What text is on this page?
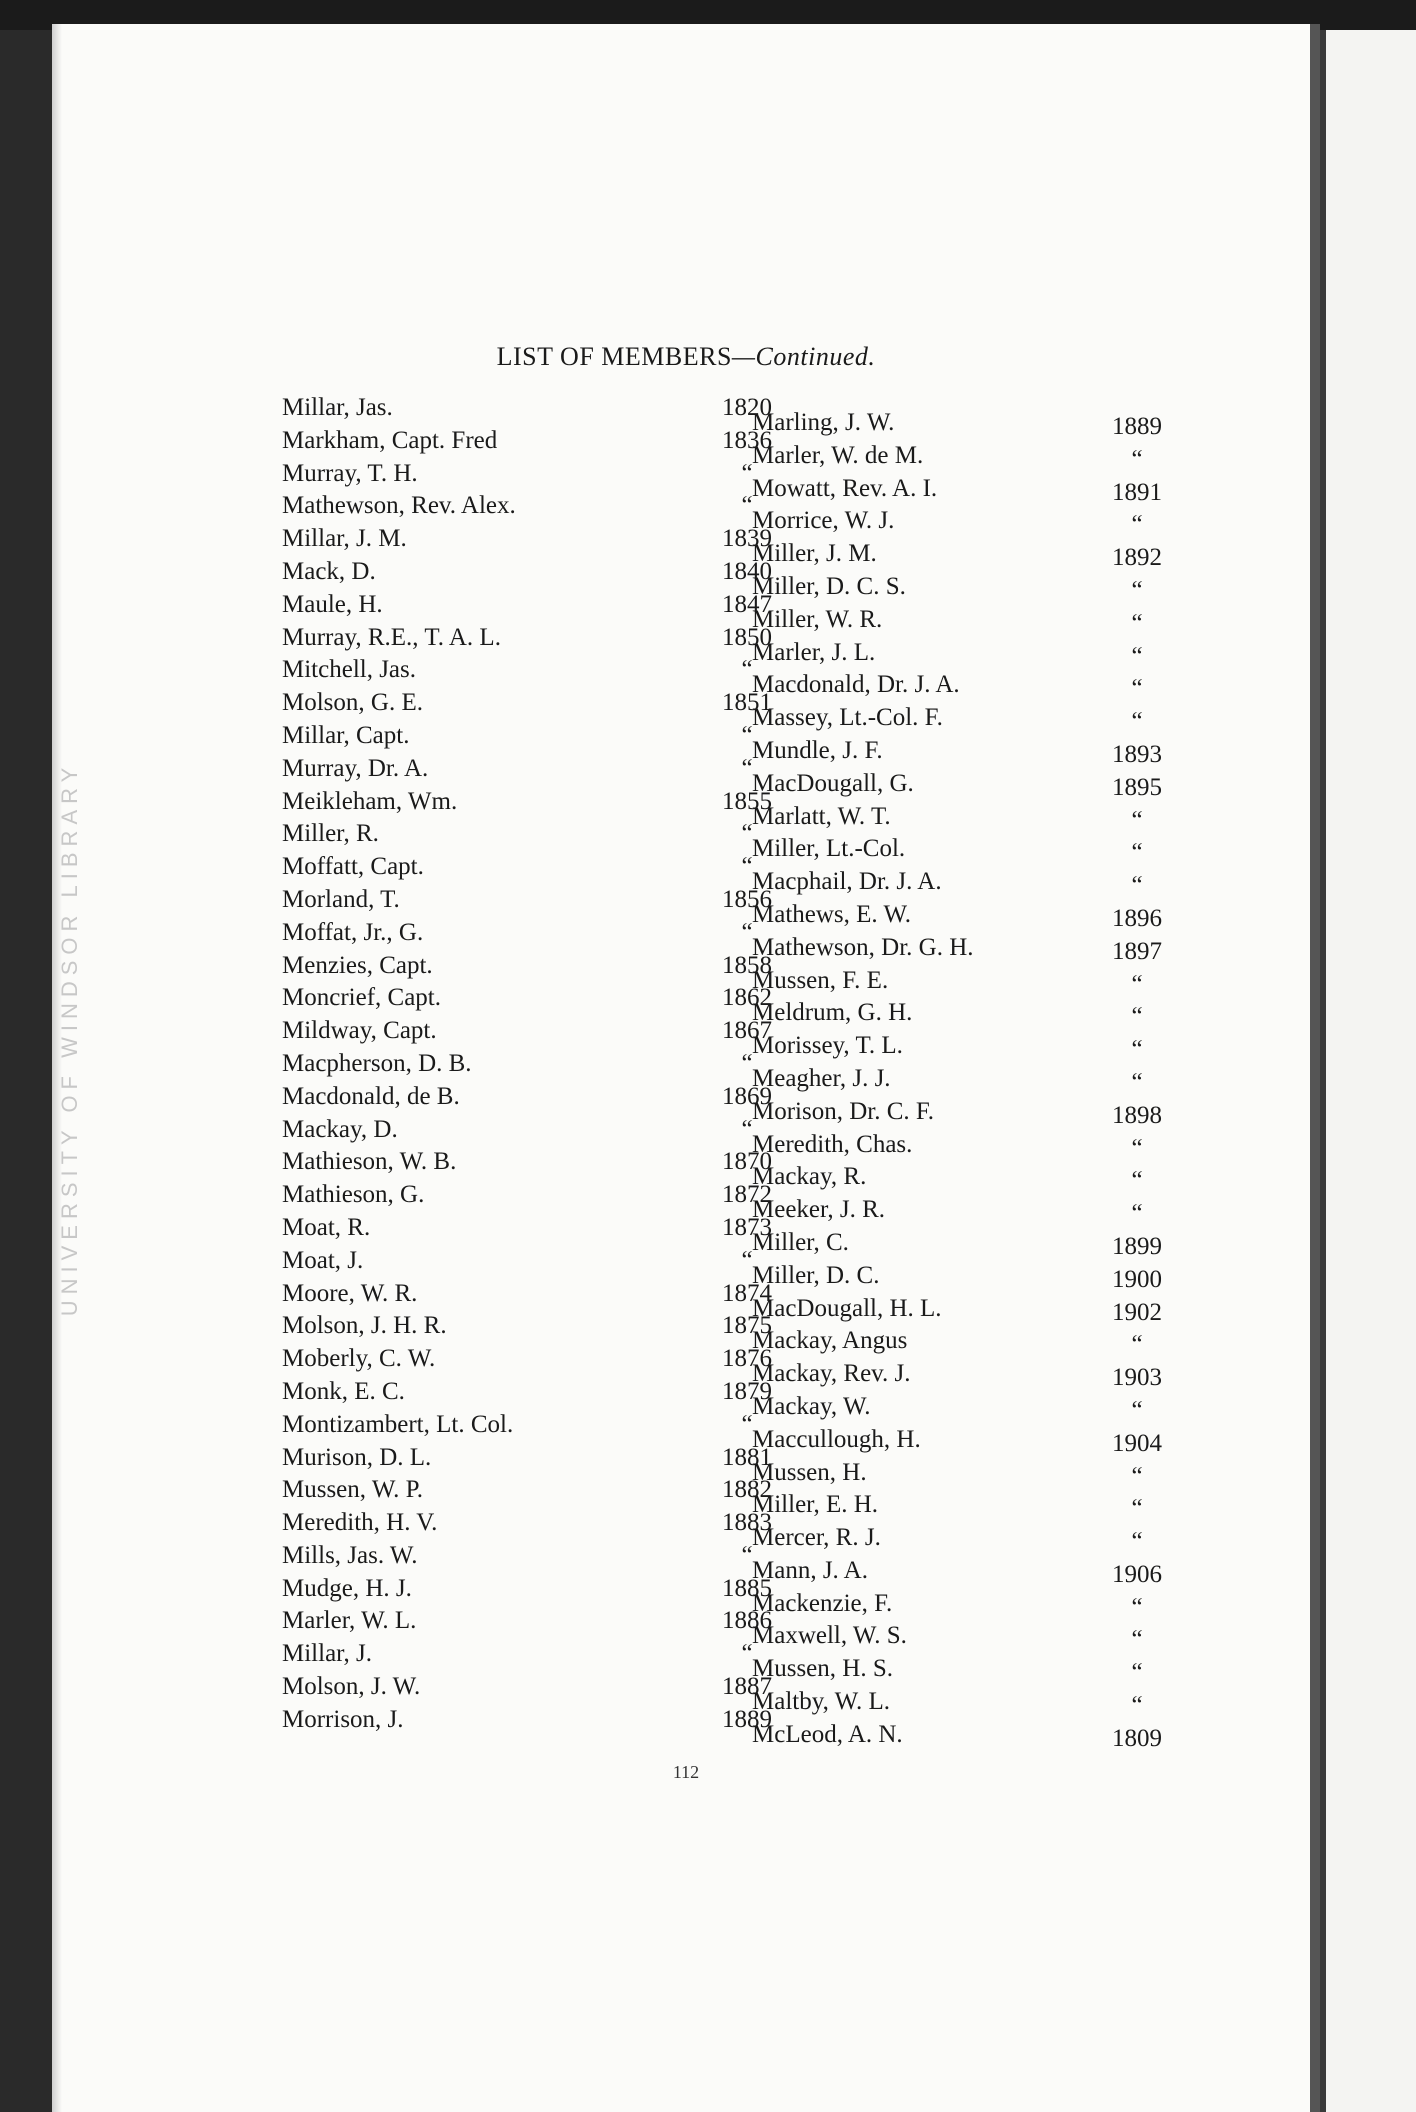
UNIVERSITY OF WINDSOR LIBRARY
LIST OF MEMBERS—Continued.
Millar, Jas.	1820
Markham, Capt. Fred	1836
Murray, T. H.	“
Mathewson, Rev. Alex.	“
Millar, J. M.	1839
Mack, D.	1840
Maule, H.	1847
Murray, R.E., T. A. L.	1850
Mitchell, Jas.	“
Molson, G. E.	1851
Millar, Capt.	“
Murray, Dr. A.	“
Meikleham, Wm.	1855
Miller, R.	“
Moffatt, Capt.	“
Morland, T.	1856
Moffat, Jr., G.	“
Menzies, Capt.	1858
Moncrief, Capt.	1862
Mildway, Capt.	1867
Macpherson, D. B.	“
Macdonald, de B.	1869
Mackay, D.	“
Mathieson, W. B.	1870
Mathieson, G.	1872
Moat, R.	1873
Moat, J.	“
Moore, W. R.	1874
Molson, J. H. R.	1875
Moberly, C. W.	1876
Monk, E. C.	1879
Montizambert, Lt. Col.	“
Murison, D. L.	1881
Mussen, W. P.	1882
Meredith, H. V.	1883
Mills, Jas. W.	“
Mudge, H. J.	1885
Marler, W. L.	1886
Millar, J.	“
Molson, J. W.	1887
Morrison, J.	1889
Marling, J. W.	1889
Marler, W. de M.	“
Mowatt, Rev. A. I.	1891
Morrice, W. J.	“
Miller, J. M.	1892
Miller, D. C. S.	“
Miller, W. R.	“
Marler, J. L.	“
Macdonald, Dr. J. A.	“
Massey, Lt.-Col. F.	“
Mundle, J. F.	1893
MacDougall, G.	1895
Marlatt, W. T.	“
Miller, Lt.-Col.	“
Macphail, Dr. J. A.	“
Mathews, E. W.	1896
Mathewson, Dr. G. H.	1897
Mussen, F. E.	“
Meldrum, G. H.	“
Morissey, T. L.	“
Meagher, J. J.	“
Morison, Dr. C. F.	1898
Meredith, Chas.	“
Mackay, R.	“
Meeker, J. R.	“
Miller, C.	1899
Miller, D. C.	1900
MacDougall, H. L.	1902
Mackay, Angus	“
Mackay, Rev. J.	1903
Mackay, W.	“
Maccullough, H.	1904
Mussen, H.	“
Miller, E. H.	“
Mercer, R. J.	“
Mann, J. A.	1906
Mackenzie, F.	“
Maxwell, W. S.	“
Mussen, H. S.	“
Maltby, W. L.	“
McLeod, A. N.	1809
112
